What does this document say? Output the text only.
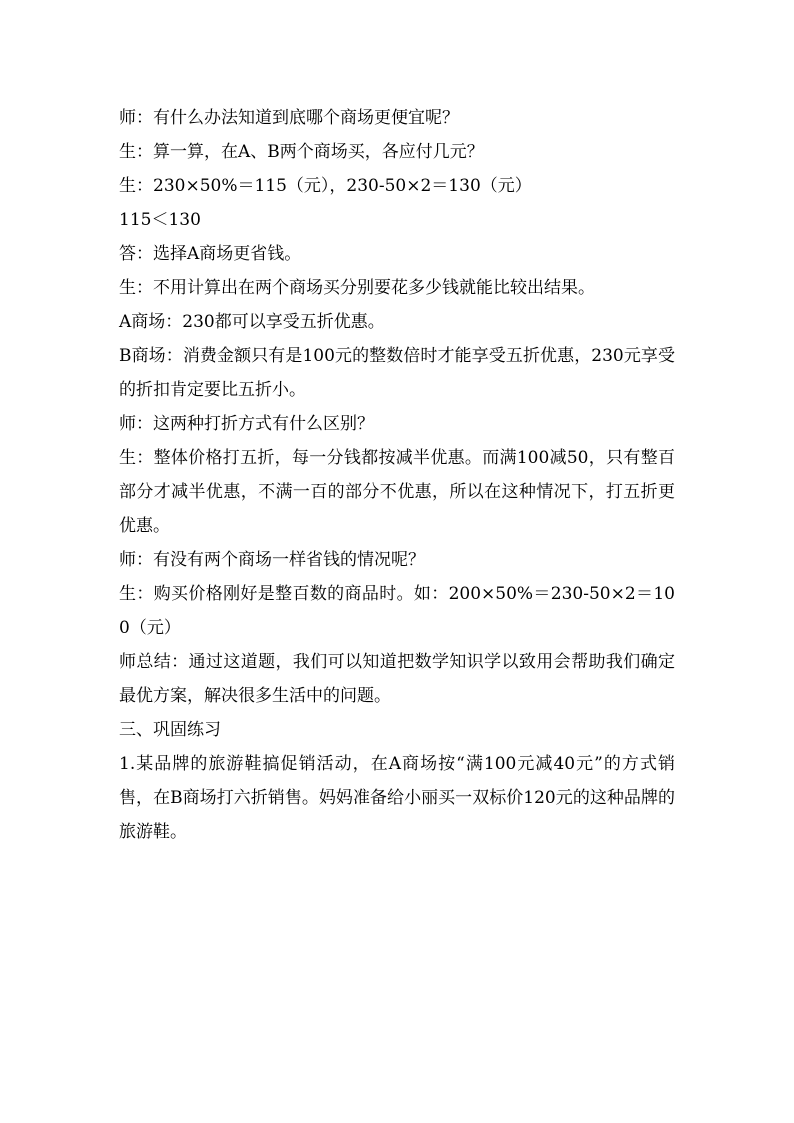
师：有什么办法知道到底哪个商场更便宜呢？

生：算一算，在A、B两个商场买，各应付几元？

生：230×50%＝115（元），230-50×2＝130（元）

115＜130

答：选择A商场更省钱。

生：不用计算出在两个商场买分别要花多少钱就能比较出结果。

A商场：230都可以享受五折优惠。

B商场：消费金额只有是100元的整数倍时才能享受五折优惠，230元享受的折扣肯定要比五折小。

师：这两种打折方式有什么区别？

生：整体价格打五折，每一分钱都按减半优惠。而满100减50，只有整百部分才减半优惠，不满一百的部分不优惠，所以在这种情况下，打五折更优惠。

师：有没有两个商场一样省钱的情况呢？

生：购买价格刚好是整百数的商品时。如：200×50%＝230-50×2＝100（元）

师总结：通过这道题，我们可以知道把数学知识学以致用会帮助我们确定最优方案，解决很多生活中的问题。

三、巩固练习

1.某品牌的旅游鞋搞促销活动，在A商场按“满100元减40元”的方式销售，在B商场打六折销售。妈妈准备给小丽买一双标价120元的这种品牌的旅游鞋。
